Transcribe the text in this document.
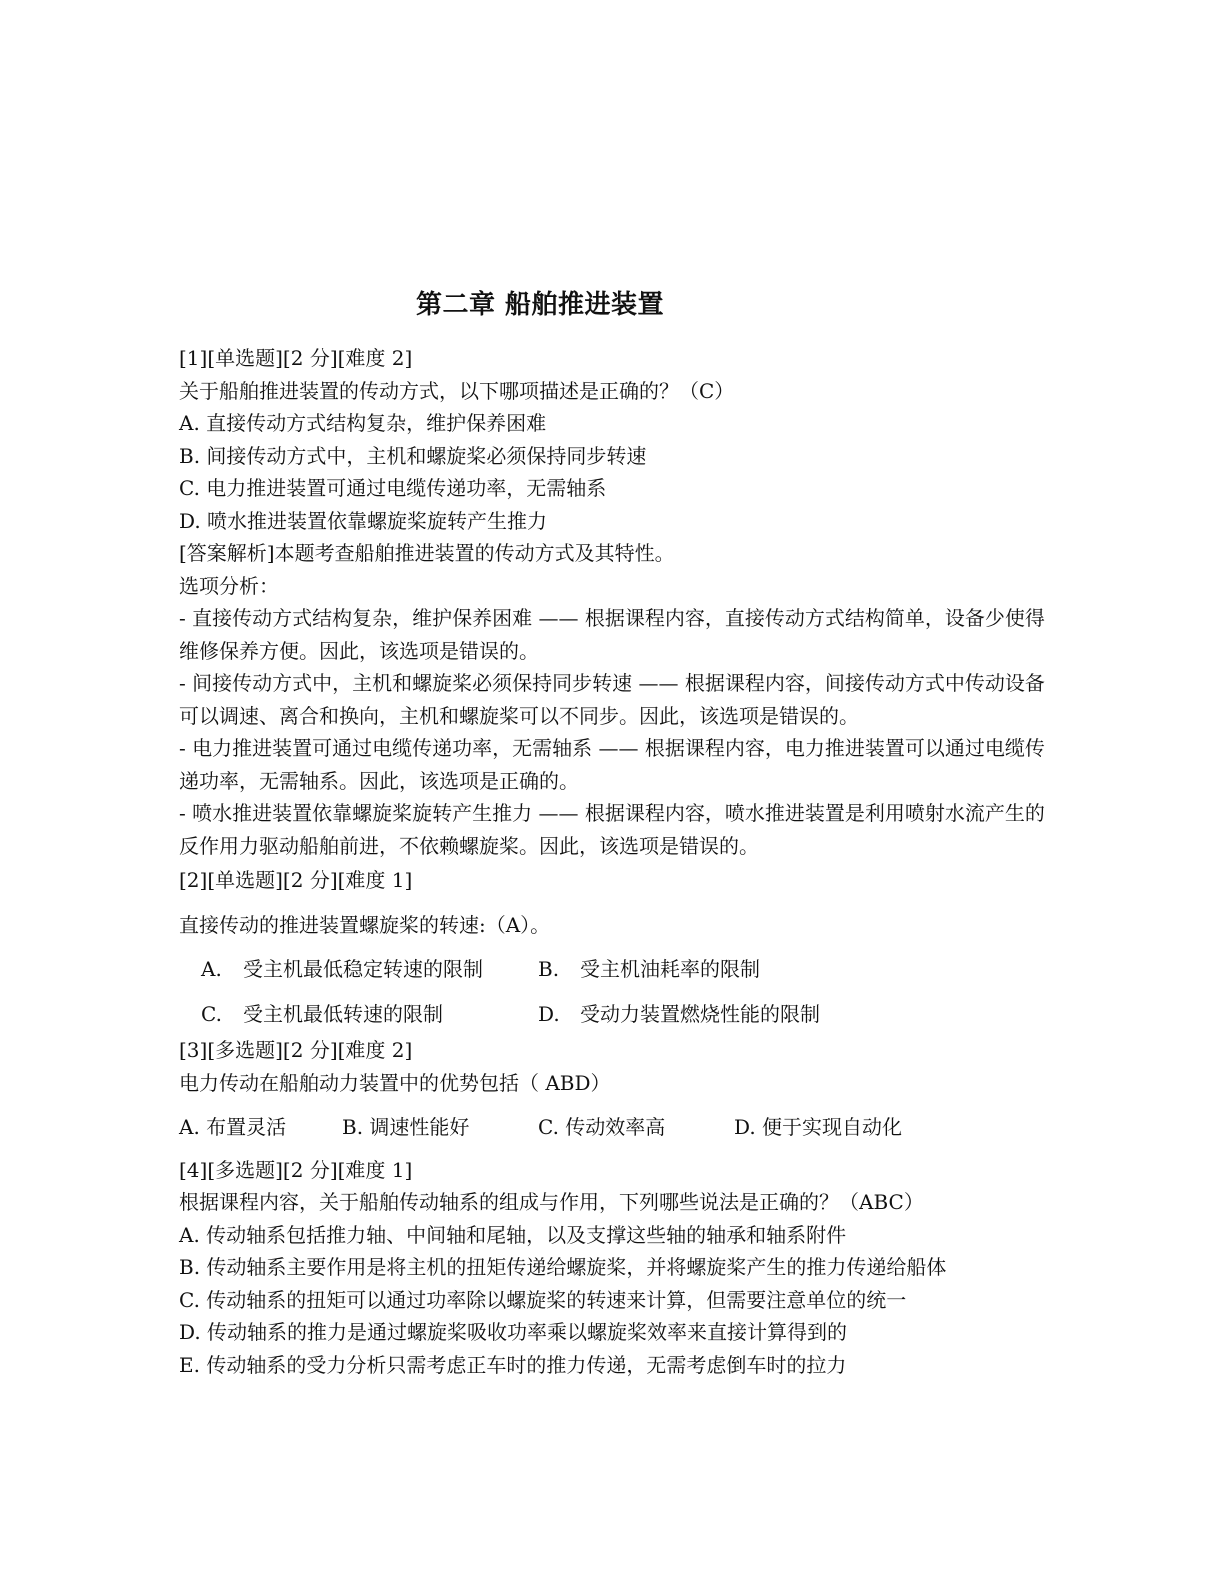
第二章 船舶推进装置
[1][单选题][2 分][难度 2]
关于船舶推进装置的传动方式，以下哪项描述是正确的？（C）
A. 直接传动方式结构复杂，维护保养困难
B. 间接传动方式中，主机和螺旋桨必须保持同步转速
C. 电力推进装置可通过电缆传递功率，无需轴系
D. 喷水推进装置依靠螺旋桨旋转产生推力
[答案解析]本题考查船舶推进装置的传动方式及其特性。
选项分析：
- 直接传动方式结构复杂，维护保养困难 —— 根据课程内容，直接传动方式结构简单，设备少使得维修保养方便。因此，该选项是错误的。
- 间接传动方式中，主机和螺旋桨必须保持同步转速 —— 根据课程内容，间接传动方式中传动设备可以调速、离合和换向，主机和螺旋桨可以不同步。因此，该选项是错误的。
- 电力推进装置可通过电缆传递功率，无需轴系 —— 根据课程内容，电力推进装置可以通过电缆传递功率，无需轴系。因此，该选项是正确的。
- 喷水推进装置依靠螺旋桨旋转产生推力 —— 根据课程内容，喷水推进装置是利用喷射水流产生的反作用力驱动船舶前进，不依赖螺旋桨。因此，该选项是错误的。
[2][单选题][2 分][难度 1]
直接传动的推进装置螺旋桨的转速:（A）。
A.	受主机最低稳定转速的限制	B.	受主机油耗率的限制
C.	受主机最低转速的限制	D.	受动力装置燃烧性能的限制
[3][多选题][2 分][难度 2]
电力传动在船舶动力装置中的优势包括（ ABD）
A. 布置灵活	B. 调速性能好	C. 传动效率高	D. 便于实现自动化
[4][多选题][2 分][难度 1]
根据课程内容，关于船舶传动轴系的组成与作用，下列哪些说法是正确的？（ABC）
A. 传动轴系包括推力轴、中间轴和尾轴，以及支撑这些轴的轴承和轴系附件
B. 传动轴系主要作用是将主机的扭矩传递给螺旋桨，并将螺旋桨产生的推力传递给船体
C. 传动轴系的扭矩可以通过功率除以螺旋桨的转速来计算，但需要注意单位的统一
D. 传动轴系的推力是通过螺旋桨吸收功率乘以螺旋桨效率来直接计算得到的
E. 传动轴系的受力分析只需考虑正车时的推力传递，无需考虑倒车时的拉力
